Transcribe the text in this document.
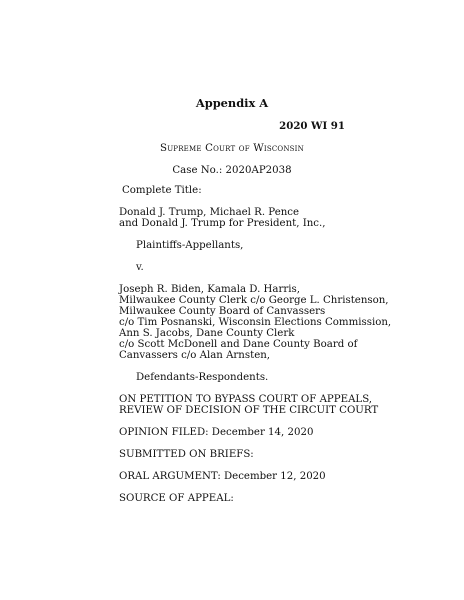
Appendix A
2020 WI 91
Supreme Court of Wisconsin
Case No.: 2020AP2038
Complete Title:
Donald J. Trump, Michael R. Pence
and Donald J. Trump for President, Inc.,
Plaintiffs-Appellants,
v.
Joseph R. Biden, Kamala D. Harris,
Milwaukee County Clerk c/o George L. Christenson,
Milwaukee County Board of Canvassers
c/o Tim Posnanski, Wisconsin Elections Commission,
Ann S. Jacobs, Dane County Clerk
c/o Scott McDonell and Dane County Board of
Canvassers c/o Alan Arnsten,
Defendants-Respondents.
ON PETITION TO BYPASS COURT OF APPEALS,
REVIEW OF DECISION OF THE CIRCUIT COURT
OPINION FILED: December 14, 2020
SUBMITTED ON BRIEFS:
ORAL ARGUMENT: December 12, 2020
SOURCE OF APPEAL:
